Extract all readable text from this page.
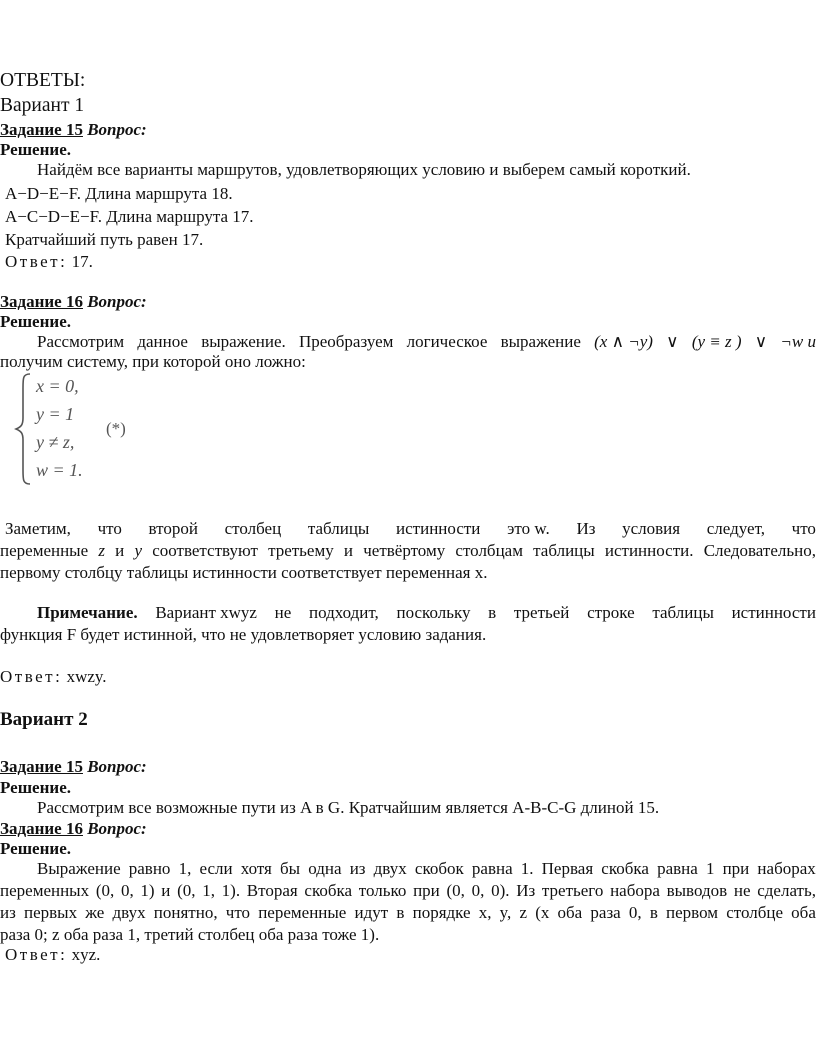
ОТВЕТЫ:
Вариант 1
Задание 15 Вопрос:
Решение.
Найдём все варианты маршрутов, удовлетворяющих условию и выберем самый короткий.
A−D−E−F. Длина маршрута 18.
A−C−D−E−F. Длина маршрута 17.
Кратчайший путь равен 17.
Ответ: 17.
Задание 16 Вопрос:
Решение.
Рассмотрим данное выражение. Преобразуем логическое выражение (x ∧ ¬y) ∨ (y ≡ z ) ∨ ¬w и
получим систему, при которой оно ложно:
x = 0,
y = 1
y ≠ z,
w = 1.
(*)
Заметим, что второй столбец таблицы истинности это w. Из условия следует, что
переменные z и y соответствуют третьему и четвёртому столбцам таблицы истинности. Следовательно,
первому столбцу таблицы истинности соответствует переменная x.
Примечание. Вариант xwyz не подходит, поскольку в третьей строке таблицы истинности
функция F будет истинной, что не удовлетворяет условию задания.
Ответ: xwzy.
Вариант 2
Задание 15 Вопрос:
Решение.
Рассмотрим все возможные пути из A в G. Кратчайшим является A-B-C-G длиной 15.
Задание 16 Вопрос:
Решение.
Выражение равно 1, если хотя бы одна из двух скобок равна 1. Первая скобка равна 1 при наборах
переменных (0, 0, 1) и (0, 1, 1). Вторая скобка только при (0, 0, 0). Из третьего набора выводов не сделать,
из первых же двух понятно, что переменные идут в порядке x, y, z (x оба раза 0, в первом столбце оба
раза 0; z оба раза 1, третий столбец оба раза тоже 1).
Ответ: xyz.
